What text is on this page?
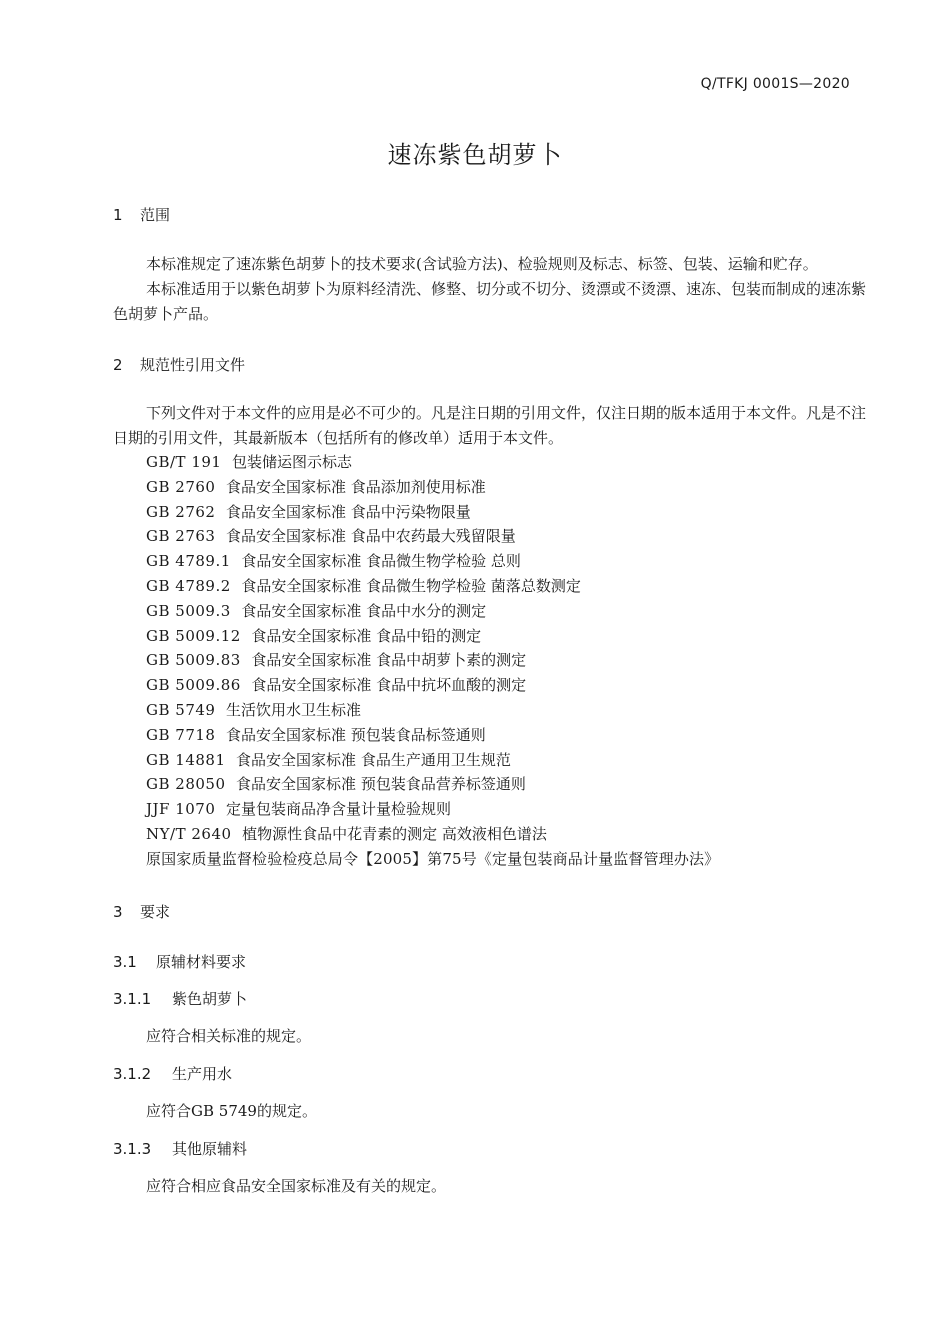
Q/TFKJ 0001S—2020
速冻紫色胡萝卜
1 范围
本标准规定了速冻紫色胡萝卜的技术要求(含试验方法)、检验规则及标志、标签、包装、运输和贮存。
本标准适用于以紫色胡萝卜为原料经清洗、修整、切分或不切分、烫漂或不烫漂、速冻、包装而制成的速冻紫色胡萝卜产品。
2 规范性引用文件
下列文件对于本文件的应用是必不可少的。凡是注日期的引用文件，仅注日期的版本适用于本文件。凡是不注日期的引用文件，其最新版本（包括所有的修改单）适用于本文件。
GB/T 191 包装储运图示标志
GB 2760 食品安全国家标准 食品添加剂使用标准
GB 2762 食品安全国家标准 食品中污染物限量
GB 2763 食品安全国家标准 食品中农药最大残留限量
GB 4789.1 食品安全国家标准 食品微生物学检验 总则
GB 4789.2 食品安全国家标准 食品微生物学检验 菌落总数测定
GB 5009.3 食品安全国家标准 食品中水分的测定
GB 5009.12 食品安全国家标准 食品中铅的测定
GB 5009.83 食品安全国家标准 食品中胡萝卜素的测定
GB 5009.86 食品安全国家标准 食品中抗坏血酸的测定
GB 5749 生活饮用水卫生标准
GB 7718 食品安全国家标准 预包装食品标签通则
GB 14881 食品安全国家标准 食品生产通用卫生规范
GB 28050 食品安全国家标准 预包装食品营养标签通则
JJF 1070 定量包装商品净含量计量检验规则
NY/T 2640 植物源性食品中花青素的测定 高效液相色谱法
原国家质量监督检验检疫总局令【2005】第75号《定量包装商品计量监督管理办法》
3 要求
3.1 原辅材料要求
3.1.1 紫色胡萝卜
应符合相关标准的规定。
3.1.2 生产用水
应符合GB 5749的规定。
3.1.3 其他原辅料
应符合相应食品安全国家标准及有关的规定。
